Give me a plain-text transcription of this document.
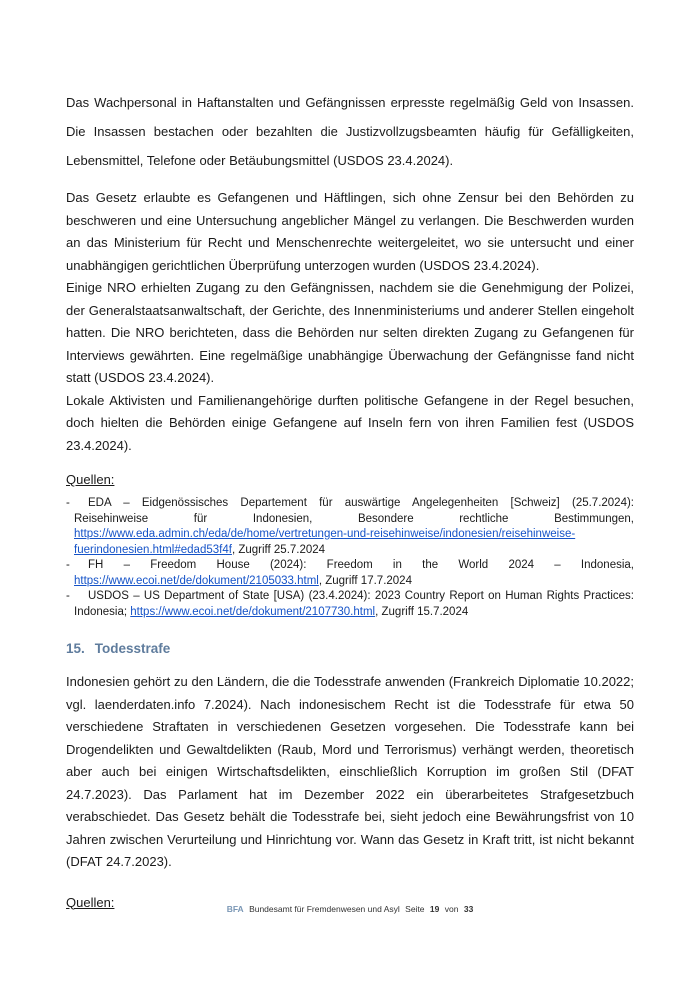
Das Wachpersonal in Haftanstalten und Gefängnissen erpresste regelmäßig Geld von Insassen. Die Insassen bestachen oder bezahlten die Justizvollzugsbeamten häufig für Gefälligkeiten, Lebensmittel, Telefone oder Betäubungsmittel (USDOS 23.4.2024).

Das Gesetz erlaubte es Gefangenen und Häftlingen, sich ohne Zensur bei den Behörden zu beschweren und eine Untersuchung angeblicher Mängel zu verlangen. Die Beschwerden wurden an das Ministerium für Recht und Menschenrechte weitergeleitet, wo sie untersucht und einer unabhängigen gerichtlichen Überprüfung unterzogen wurden (USDOS 23.4.2024).

Einige NRO erhielten Zugang zu den Gefängnissen, nachdem sie die Genehmigung der Polizei, der Generalstaatsanwaltschaft, der Gerichte, des Innenministeriums und anderer Stellen eingeholt hatten. Die NRO berichteten, dass die Behörden nur selten direkten Zugang zu Gefangenen für Interviews gewährten. Eine regelmäßige unabhängige Überwachung der Gefängnisse fand nicht statt (USDOS 23.4.2024).

Lokale Aktivisten und Familienangehörige durften politische Gefangene in der Regel besuchen, doch hielten die Behörden einige Gefangene auf Inseln fern von ihren Familien fest (USDOS 23.4.2024).

Quellen:
- EDA – Eidgenössisches Departement für auswärtige Angelegenheiten [Schweiz] (25.7.2024): Reisehinweise für Indonesien, Besondere rechtliche Bestimmungen, https://www.eda.admin.ch/eda/de/home/vertretungen-und-reisehinweise/indonesien/reisehinweise-fuerindonesien.html#edad53f4f, Zugriff 25.7.2024
- FH – Freedom House (2024): Freedom in the World 2024 – Indonesia, https://www.ecoi.net/de/dokument/2105033.html, Zugriff 17.7.2024
- USDOS – US Department of State [USA) (23.4.2024): 2023 Country Report on Human Rights Practices: Indonesia; https://www.ecoi.net/de/dokument/2107730.html, Zugriff 15.7.2024
15. Todesstrafe

Indonesien gehört zu den Ländern, die die Todesstrafe anwenden (Frankreich Diplomatie 10.2022; vgl. laenderdaten.info 7.2024). Nach indonesischem Recht ist die Todesstrafe für etwa 50 verschiedene Straftaten in verschiedenen Gesetzen vorgesehen. Die Todesstrafe kann bei Drogendelikten und Gewaltdelikten (Raub, Mord und Terrorismus) verhängt werden, theoretisch aber auch bei einigen Wirtschaftsdelikten, einschließlich Korruption im großen Stil (DFAT 24.7.2023). Das Parlament hat im Dezember 2022 ein überarbeitetes Strafgesetzbuch verabschiedet. Das Gesetz behält die Todesstrafe bei, sieht jedoch eine Bewährungsfrist von 10 Jahren zwischen Verurteilung und Hinrichtung vor. Wann das Gesetz in Kraft tritt, ist nicht bekannt (DFAT 24.7.2023).

Quellen:	BFA Bundesamt für Fremdenwesen und Asyl Seite 19 von 33
